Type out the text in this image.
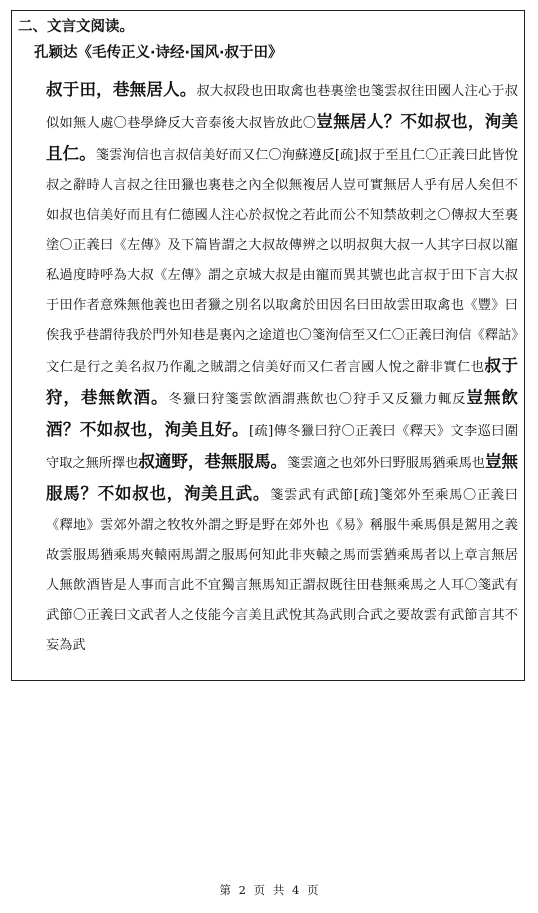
二、文言文阅读。
孔颖达《毛传正义·诗经·国风·叔于田》
叔于田，巷無居人。叔大叔段也田取禽也巷裏塗也箋雲叔往田國人注心于叔似如無人處〇巷學絳反大音泰後大叔皆放此〇豈無居人？不如叔也，洵美且仁。箋雲洵信也言叔信美好而又仁〇洵蘇遵反[疏]叔于至且仁〇正義曰此皆悅叔之辭時人言叔之往田獵也裏巷之內全似無複居人豈可實無居人乎有居人矣但不如叔也信美好而且有仁德國人注心於叔悅之若此而公不知禁故剌之〇傳叔大至裏塗〇正義曰《左傳》及下篇皆謂之大叔故傳辨之以明叔與大叔一人其字曰叔以寵私過度時呼為大叔《左傳》謂之京城大叔是由寵而異其號也此言叔于田下言大叔于田作者意殊無他義也田者獵之別名以取禽於田因名曰田故雲田取禽也《豐》曰俟我乎巷謂待我於門外知巷是裏內之途道也〇箋洵信至又仁〇正義曰洵信《釋詁》文仁是行之美名叔乃作亂之賊謂之信美好而又仁者言國人悅之辭非實仁也叔于狩，巷無飲酒。冬獵曰狩箋雲飲酒謂燕飲也〇狩手又反獵力輒反豈無飲酒？不如叔也，洵美且好。[疏]傳冬獵曰狩〇正義曰《釋天》文李巡曰圍守取之無所擇也叔適野，巷無服馬。箋雲適之也郊外曰野服馬猶乘馬也豈無服馬？不如叔也，洵美且武。箋雲武有武節[疏]箋郊外至乘馬〇正義曰《釋地》雲郊外謂之牧牧外謂之野是野在郊外也《易》稱服牛乘馬俱是駕用之義故雲服馬猶乘馬夾轅兩馬謂之服馬何知此非夾轅之馬而雲猶乘馬者以上章言無居人無飲酒皆是人事而言此不宜獨言無馬知正謂叔既往田巷無乘馬之人耳〇箋武有武節〇正義曰文武者人之伎能今言美且武悅其為武則合武之要故雲有武節言其不妄為武
第 2 页 共 4 页
